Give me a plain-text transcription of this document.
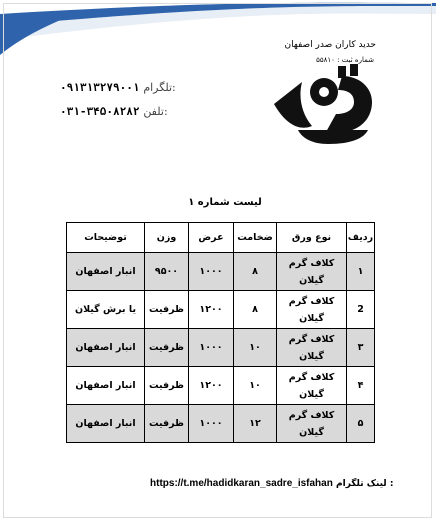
حدید کاران صدر اصفهان
شماره ثبت : ۵۵۸۱۰
۰۹۱۳۱۳۲۷۹۰۰۱ تلگرام:
۰۳۱-۳۴۵۰۸۲۸۲ تلفن:
لیست شماره ۱
ردیف	نوع ورق	ضخامت	عرض	وزن	توضیحات
۱	کلاف گرم
گیلان	۸	۱۰۰۰	۹۵۰۰	انبار اصفهان
2	کلاف گرم
گیلان	۸	۱۲۰۰	ظرفیت	یا برش گیلان
۳	کلاف گرم
گیلان	۱۰	۱۰۰۰	ظرفیت	انبار اصفهان
۴	کلاف گرم
گیلان	۱۰	۱۲۰۰	ظرفیت	انبار اصفهان
۵	کلاف گرم
گیلان	۱۲	۱۰۰۰	ظرفیت	انبار اصفهان
https://t.me/hadidkaran_sadre_isfahan لینک تلگرام :
